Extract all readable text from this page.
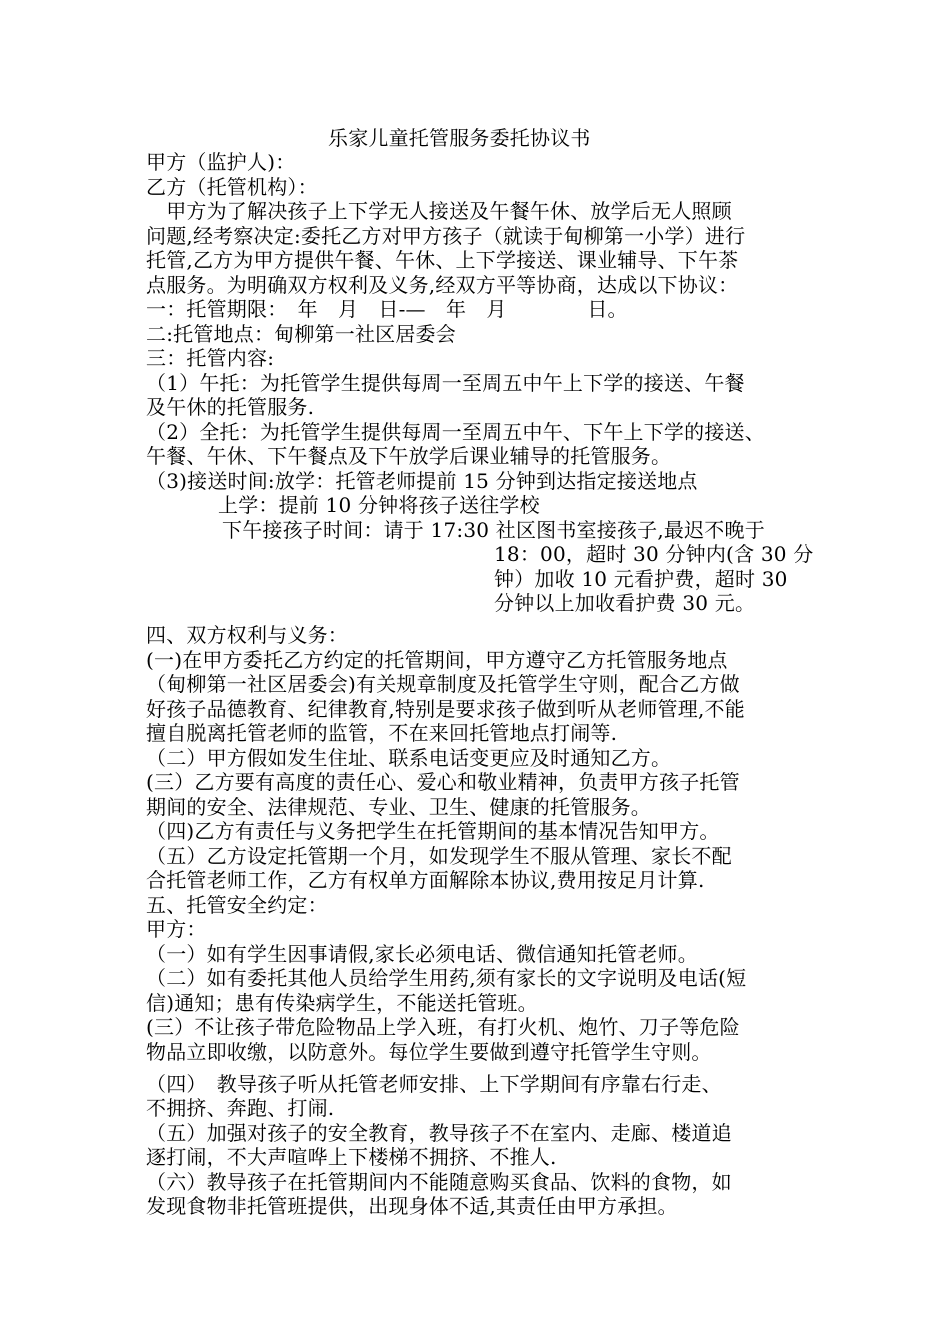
乐家儿童托管服务委托协议书

甲方（监护人)：

乙方（托管机构）：

　甲方为了解决孩子上下学无人接送及午餐午休、放学后无人照顾

问题,经考察决定:委托乙方对甲方孩子（就读于甸柳第一小学）进行

托管,乙方为甲方提供午餐、午休、上下学接送、课业辅导、下午茶

点服务。为明确双方权利及义务,经双方平等协商，达成以下协议：

一：托管期限：　年　月　日-—　年　月　　　　日。

二:托管地点：甸柳第一社区居委会

三：托管内容:

（1）午托：为托管学生提供每周一至周五中午上下学的接送、午餐

及午休的托管服务.

（2）全托：为托管学生提供每周一至周五中午、下午上下学的接送、

午餐、午休、下午餐点及下午放学后课业辅导的托管服务。

（3)接送时间:放学：托管老师提前 15 分钟到达指定接送地点

上学：提前 10 分钟将孩子送往学校

下午接孩子时间：请于 17:30 社区图书室接孩子,最迟不晚于

18：00，超时 30 分钟内(含 30 分

钟）加收 10 元看护费，超时 30

分钟以上加收看护费 30 元。

四、双方权利与义务：

(一)在甲方委托乙方约定的托管期间，甲方遵守乙方托管服务地点

（甸柳第一社区居委会)有关规章制度及托管学生守则，配合乙方做

好孩子品德教育、纪律教育,特别是要求孩子做到听从老师管理,不能

擅自脱离托管老师的监管，不在来回托管地点打闹等.

（二）甲方假如发生住址、联系电话变更应及时通知乙方。

(三）乙方要有高度的责任心、爱心和敬业精神，负责甲方孩子托管

期间的安全、法律规范、专业、卫生、健康的托管服务。

（四)乙方有责任与义务把学生在托管期间的基本情况告知甲方。

（五）乙方设定托管期一个月，如发现学生不服从管理、家长不配

合托管老师工作，乙方有权单方面解除本协议,费用按足月计算.

五、托管安全约定：

甲方：

（一）如有学生因事请假,家长必须电话、微信通知托管老师。

（二）如有委托其他人员给学生用药,须有家长的文字说明及电话(短

信)通知；患有传染病学生，不能送托管班。

(三）不让孩子带危险物品上学入班，有打火机、炮竹、刀子等危险

物品立即收缴，以防意外。每位学生要做到遵守托管学生守则。

（四）　教导孩子听从托管老师安排、上下学期间有序靠右行走、

不拥挤、奔跑、打闹.

（五）加强对孩子的安全教育，教导孩子不在室内、走廊、楼道追

逐打闹，不大声喧哗上下楼梯不拥挤、不推人.

（六）教导孩子在托管期间内不能随意购买食品、饮料的食物，如

发现食物非托管班提供，出现身体不适,其责任由甲方承担。
